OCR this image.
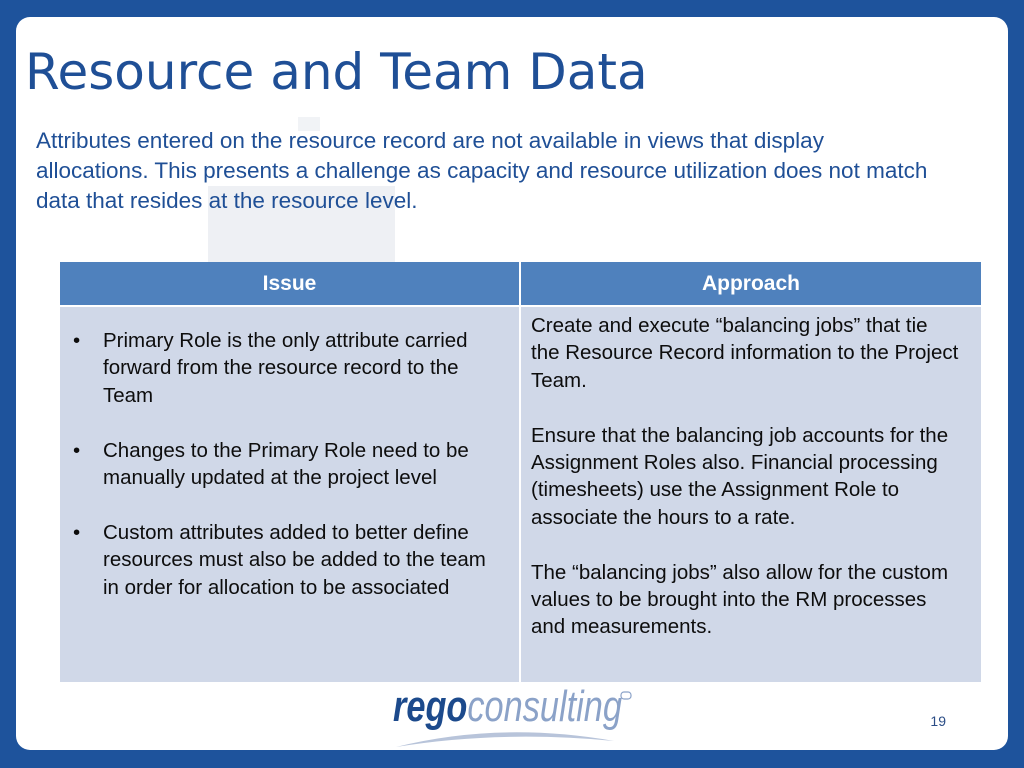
Resource and Team Data
Attributes entered on the resource record are not available in views that display
allocations. This presents a challenge as capacity and resource utilization does not match
data that resides at the resource level.
Issue	Approach
• Primary Role is the only attribute carried
forward from the resource record to the
Team
• Changes to the Primary Role need to be
manually updated at the project level
• Custom attributes added to better define
resources must also be added to the team
in order for allocation to be associated
Create and execute “balancing jobs” that tie
the Resource Record information to the Project
Team.
Ensure that the balancing job accounts for the
Assignment Roles also. Financial processing
(timesheets) use the Assignment Role to
associate the hours to a rate.
The “balancing jobs” also allow for the custom
values to be brought into the RM processes
and measurements.
regoconsulting	19
